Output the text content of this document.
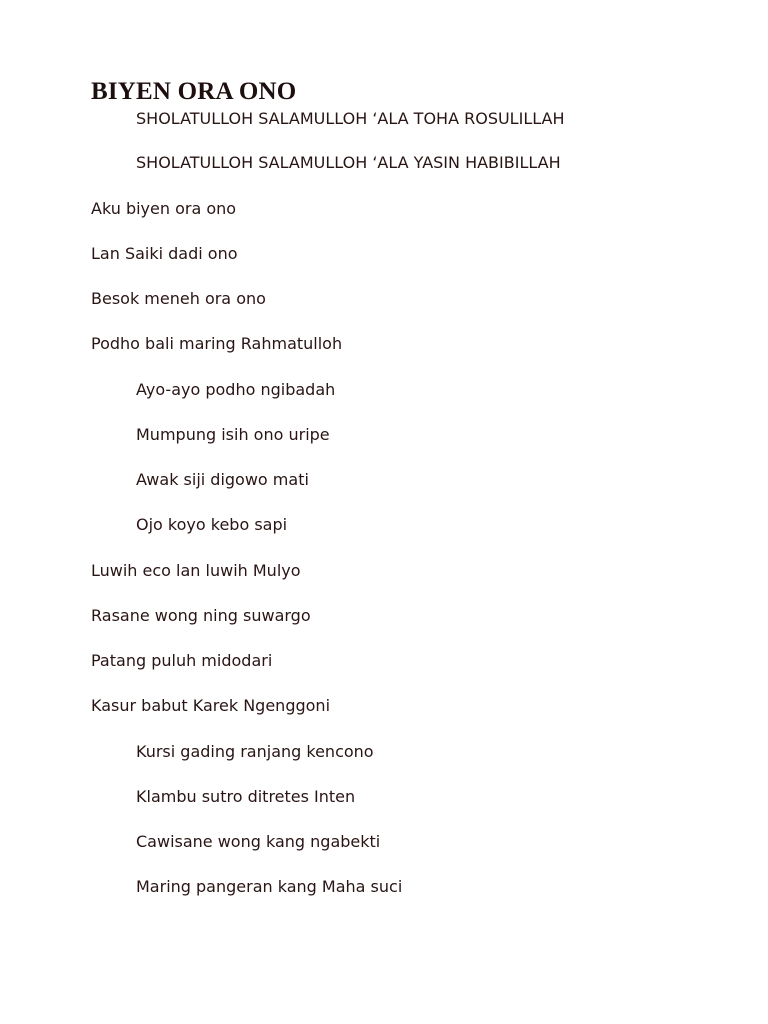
BIYEN ORA ONO
SHOLATULLOH SALAMULLOH ‘ALA TOHA ROSULILLAH
SHOLATULLOH SALAMULLOH ‘ALA YASIN HABIBILLAH
Aku biyen ora ono
Lan Saiki dadi ono
Besok meneh ora ono
Podho bali maring Rahmatulloh
Ayo-ayo podho ngibadah
Mumpung isih ono uripe
Awak siji digowo mati
Ojo koyo kebo sapi
Luwih eco lan luwih Mulyo
Rasane wong ning suwargo
Patang puluh midodari
Kasur babut Karek Ngenggoni
Kursi gading ranjang kencono
Klambu sutro ditretes Inten
Cawisane wong kang ngabekti
Maring pangeran kang Maha suci
